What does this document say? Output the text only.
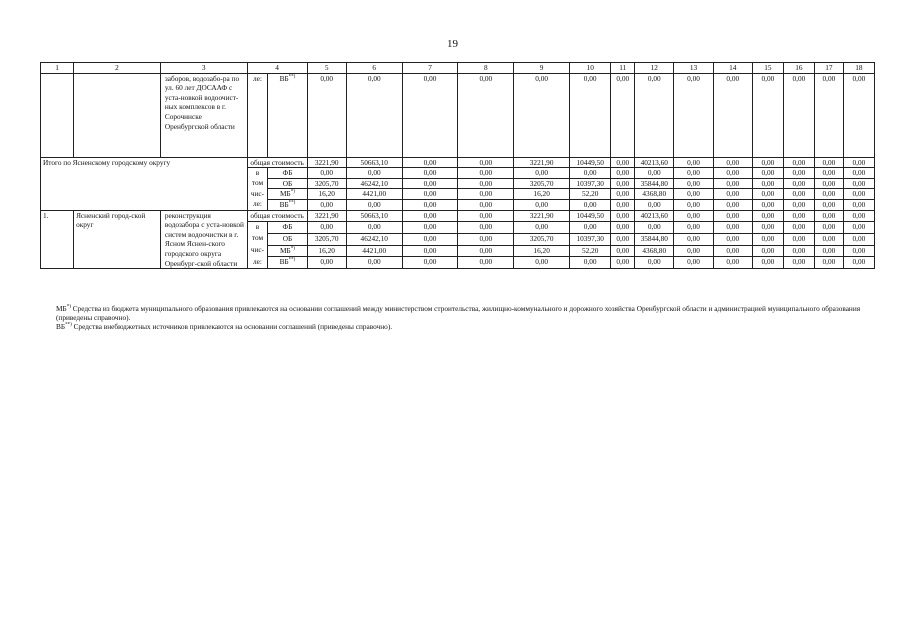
19
1	2	3	4		5	6	7	8	9	10	11	12	13	14	15	16	17	18
		заборов, водозабо-ра по ул. 60 лет ДОСААФ с уста-новкой водоочист-ных комплексов в г. Сорочинске Оренбургской области	ле:	ВБ**)	0,00	0,00	0,00	0,00	0,00	0,00	0,00	0,00	0,00	0,00	0,00	0,00	0,00	0,00
Итого по Ясненскому городскому округу			общая стоимость		3221,90	50663,10	0,00	0,00	3221,90	10449,50	0,00	40213,60	0,00	0,00	0,00	0,00	0,00	0,00
			в	ФБ	0,00	0,00	0,00	0,00	0,00	0,00	0,00	0,00	0,00	0,00	0,00	0,00	0,00	0,00
			том	ОБ	3205,70	46242,10	0,00	0,00	3205,70	10397,30	0,00	35844,80	0,00	0,00	0,00	0,00	0,00	0,00
			чис-	МБ*)	16,20	4421,00	0,00	0,00	16,20	52,20	0,00	4368,80	0,00	0,00	0,00	0,00	0,00	0,00
			ле:	ВБ**)	0,00	0,00	0,00	0,00	0,00	0,00	0,00	0,00	0,00	0,00	0,00	0,00	0,00	0,00
1.	Ясненский город-ской округ	реконструкция водозабора с уста-новкой систем водоочистки в г. Ясном Яснен-ского городского округа Оренбург-ской области	общая стоимость		3221,90	50663,10	0,00	0,00	3221,90	10449,50	0,00	40213,60	0,00	0,00	0,00	0,00	0,00	0,00
			в	ФБ	0,00	0,00	0,00	0,00	0,00	0,00	0,00	0,00	0,00	0,00	0,00	0,00	0,00	0,00
			том	ОБ	3205,70	46242,10	0,00	0,00	3205,70	10397,30	0,00	35844,80	0,00	0,00	0,00	0,00	0,00	0,00
			чис-	МБ*)	16,20	4421,00	0,00	0,00	16,20	52,20	0,00	4368,80	0,00	0,00	0,00	0,00	0,00	0,00
			ле:	ВБ**)	0,00	0,00	0,00	0,00	0,00	0,00	0,00	0,00	0,00	0,00	0,00	0,00	0,00	0,00

МБ*) Средства из бюджета муниципального образования привлекаются на основании соглашений между министерством строительства, жилищно-коммунального и дорожного хозяйства Оренбургской области и администрацией муниципального образования (приведены справочно).

ВБ**) Средства внебюджетных источников привлекаются на основании соглашений (приведены справочно).
